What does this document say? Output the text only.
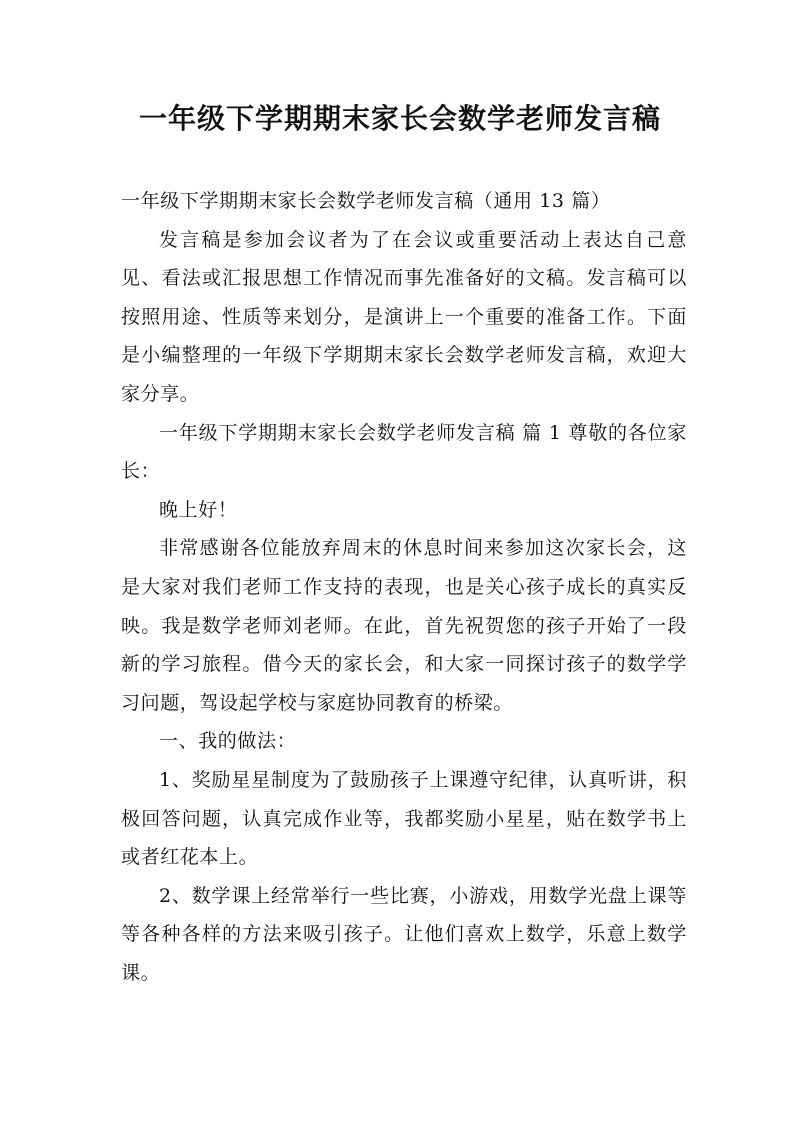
一年级下学期期末家长会数学老师发言稿

一年级下学期期末家长会数学老师发言稿（通用 13 篇）

发言稿是参加会议者为了在会议或重要活动上表达自己意见、看法或汇报思想工作情况而事先准备好的文稿。发言稿可以按照用途、性质等来划分，是演讲上一个重要的准备工作。下面是小编整理的一年级下学期期末家长会数学老师发言稿，欢迎大家分享。

一年级下学期期末家长会数学老师发言稿 篇 1 尊敬的各位家长：

晚上好！

非常感谢各位能放弃周末的休息时间来参加这次家长会，这是大家对我们老师工作支持的表现，也是关心孩子成长的真实反映。我是数学老师刘老师。在此，首先祝贺您的孩子开始了一段新的学习旅程。借今天的家长会，和大家一同探讨孩子的数学学习问题，驾设起学校与家庭协同教育的桥梁。

一、我的做法：

1、奖励星星制度为了鼓励孩子上课遵守纪律，认真听讲，积极回答问题，认真完成作业等，我都奖励小星星，贴在数学书上或者红花本上。

2、数学课上经常举行一些比赛，小游戏，用数学光盘上课等等各种各样的方法来吸引孩子。让他们喜欢上数学，乐意上数学课。
